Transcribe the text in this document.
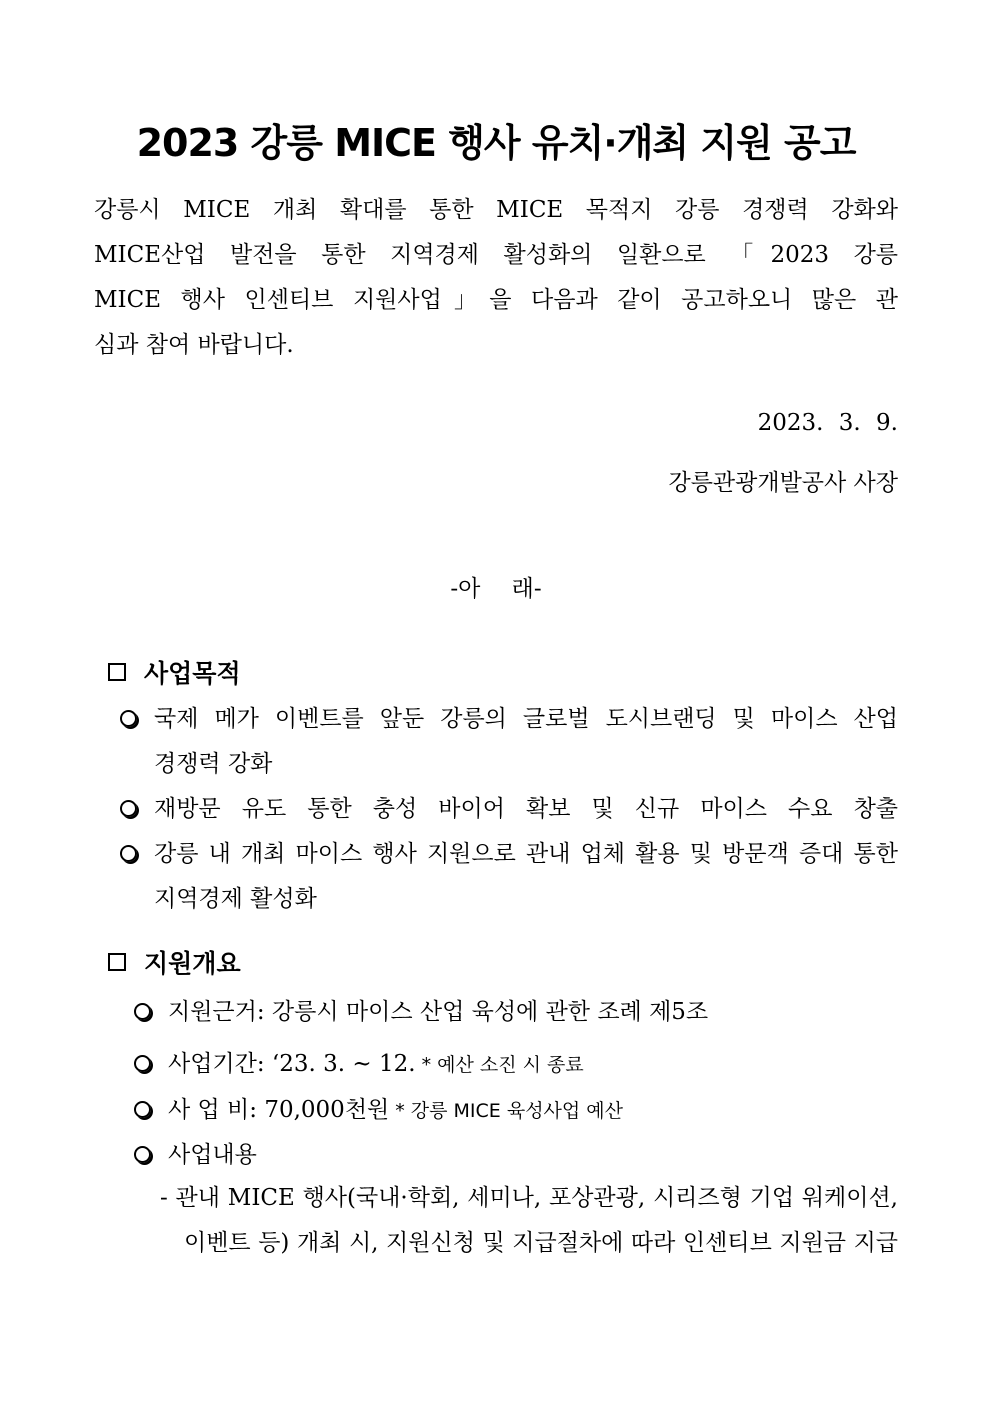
2023 강릉 MICE 행사 유치·개최 지원 공고
강릉시 MICE 개최 확대를 통한 MICE 목적지 강릉 경쟁력 강화와
MICE산업 발전을 통한 지역경제 활성화의 일환으로 「2023 강릉
MICE 행사 인센티브 지원사업」을 다음과 같이 공고하오니 많은 관
심과 참여 바랍니다.
2023. 3. 9.
강릉관광개발공사 사장
-아 래-
사업목적
국제 메가 이벤트를 앞둔 강릉의 글로벌 도시브랜딩 및 마이스 산업
경쟁력 강화
재방문 유도 통한 충성 바이어 확보 및 신규 마이스 수요 창출
강릉 내 개최 마이스 행사 지원으로 관내 업체 활용 및 방문객 증대 통한
지역경제 활성화
지원개요
지원근거: 강릉시 마이스 산업 육성에 관한 조례 제5조
사업기간: ‘23. 3. ~ 12. * 예산 소진 시 종료
사 업 비: 70,000천원 * 강릉 MICE 육성사업 예산
사업내용
- 관내 MICE 행사(국내·학회, 세미나, 포상관광, 시리즈형 기업 워케이션,
이벤트 등) 개최 시, 지원신청 및 지급절차에 따라 인센티브 지원금 지급
